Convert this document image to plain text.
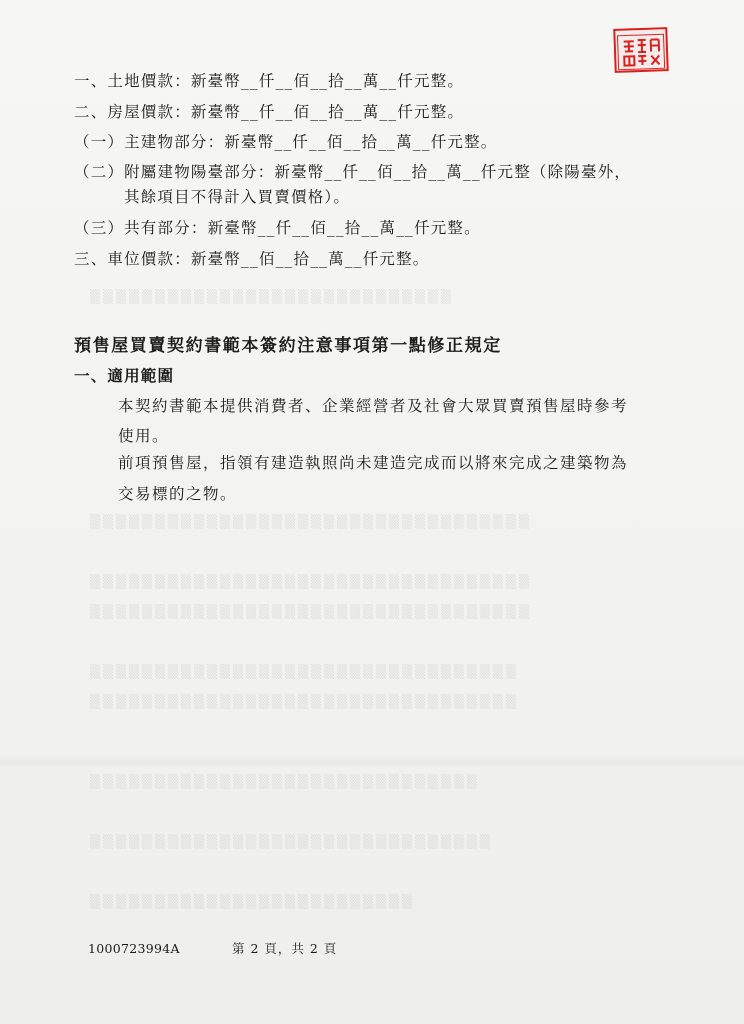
▒▒▒▒▒▒▒▒▒▒▒▒▒▒▒▒▒▒▒▒▒▒▒▒▒▒▒▒
▒▒▒▒▒▒▒▒▒▒▒▒▒▒▒▒▒▒▒▒▒▒▒▒▒▒▒▒▒▒▒▒▒▒
▒▒▒▒▒▒▒▒▒▒▒▒▒▒▒▒▒▒▒▒▒▒▒▒▒▒▒▒▒▒▒▒▒▒
▒▒▒▒▒▒▒▒▒▒▒▒▒▒▒▒▒▒▒▒▒▒▒▒▒▒▒▒▒▒▒▒▒▒
▒▒▒▒▒▒▒▒▒▒▒▒▒▒▒▒▒▒▒▒▒▒▒▒▒▒▒▒▒▒▒▒▒
▒▒▒▒▒▒▒▒▒▒▒▒▒▒▒▒▒▒▒▒▒▒▒▒▒▒▒▒▒▒▒▒▒
▒▒▒▒▒▒▒▒▒▒▒▒▒▒▒▒▒▒▒▒▒▒▒▒▒▒▒▒▒▒
▒▒▒▒▒▒▒▒▒▒▒▒▒▒▒▒▒▒▒▒▒▒▒▒▒▒▒▒▒▒▒
▒▒▒▒▒▒▒▒▒▒▒▒▒▒▒▒▒▒▒▒▒▒▒▒▒
一、土地價款：新臺幣__仟__佰__拾__萬__仟元整。
二、房屋價款：新臺幣__仟__佰__拾__萬__仟元整。
（一）主建物部分：新臺幣__仟__佰__拾__萬__仟元整。
（二）附屬建物陽臺部分：新臺幣__仟__佰__拾__萬__仟元整（除陽臺外，
其餘項目不得計入買賣價格）。
（三）共有部分：新臺幣__仟__佰__拾__萬__仟元整。
三、車位價款：新臺幣__佰__拾__萬__仟元整。
預售屋買賣契約書範本簽約注意事項第一點修正規定
一、適用範圍
本契約書範本提供消費者、企業經營者及社會大眾買賣預售屋時參考
使用。
前項預售屋，指領有建造執照尚未建造完成而以將來完成之建築物為
交易標的之物。
1000723994A	第 2 頁，共 2 頁
